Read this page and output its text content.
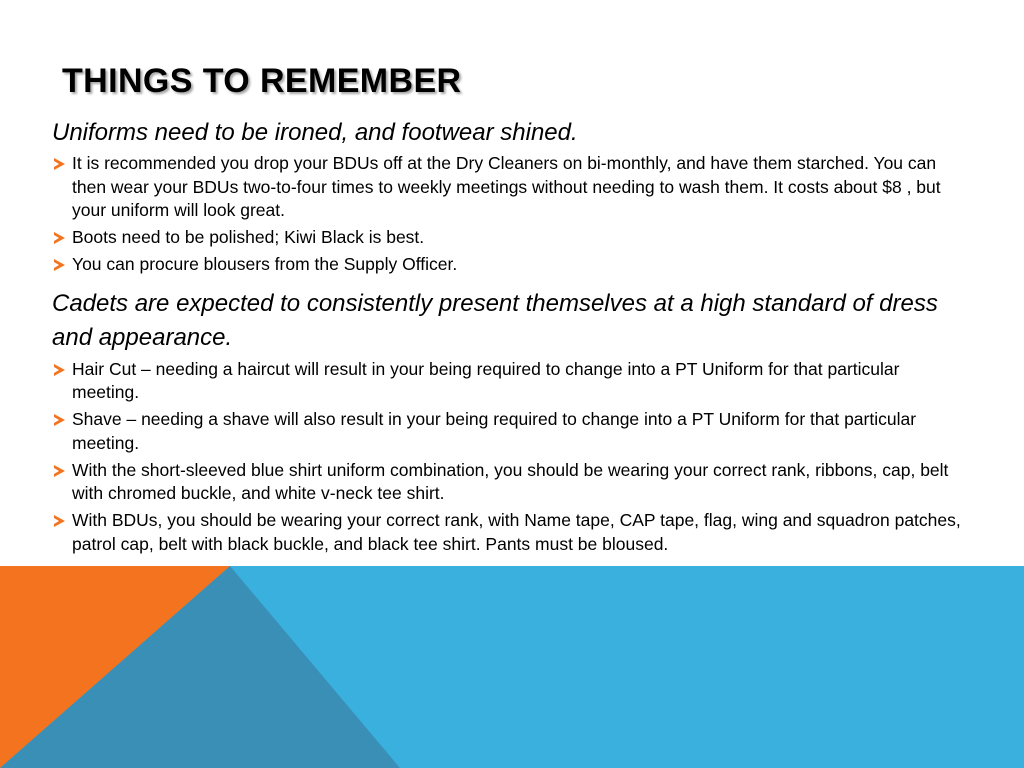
THINGS TO REMEMBER

Uniforms need to be ironed, and footwear shined.

It is recommended you drop your BDUs off at the Dry Cleaners on bi-monthly, and have them starched. You can then wear your BDUs two-to-four times to weekly meetings without needing to wash them. It costs about $8 , but your uniform will look great.
Boots need to be polished; Kiwi Black is best.
You can procure blousers from the Supply Officer.

Cadets are expected to consistently present themselves at a high standard of dress and appearance.

Hair Cut – needing a haircut will result in your being required to change into a PT Uniform for that particular meeting.
Shave – needing a shave will also result in your being required to change into a PT Uniform for that particular meeting.
With the short-sleeved blue shirt uniform combination, you should be wearing your correct rank, ribbons, cap, belt with chromed buckle, and white v-neck tee shirt.
With BDUs, you should be wearing your correct rank, with Name tape, CAP tape, flag, wing and squadron patches, patrol cap, belt with black buckle, and black tee shirt. Pants must be bloused.
